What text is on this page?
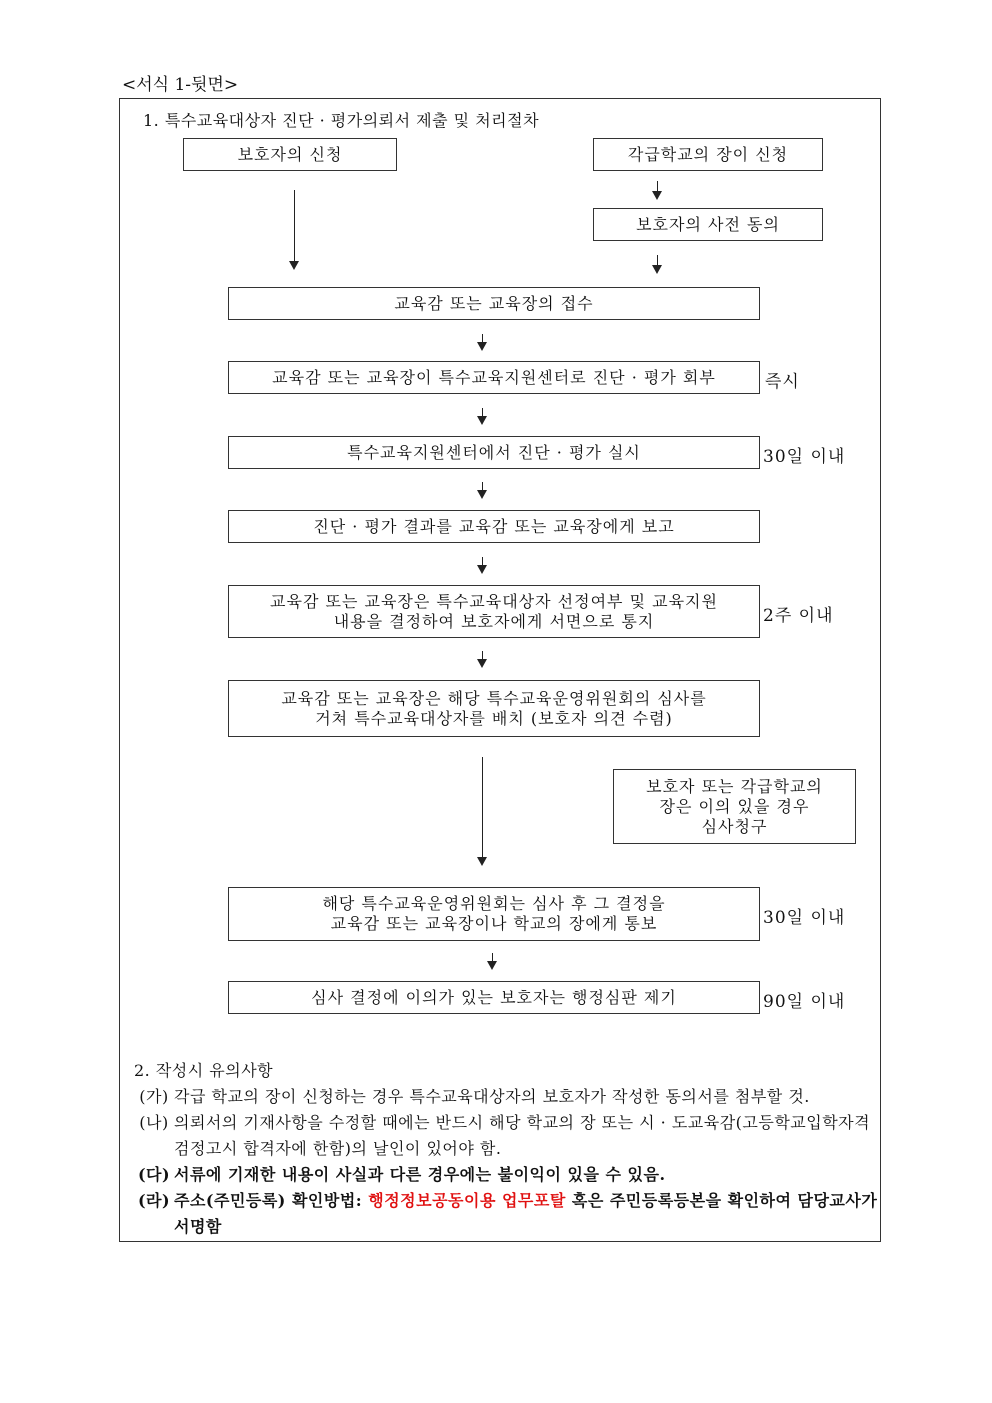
<서식 1-뒷면>
1. 특수교육대상자 진단 · 평가의뢰서 제출 및 처리절차
보호자의 신청	각급학교의 장이 신청
보호자의 사전 동의
교육감 또는 교육장의 접수
교육감 또는 교육장이 특수교육지원센터로 진단 · 평가 회부
특수교육지원센터에서 진단 · 평가 실시
진단 · 평가 결과를 교육감 또는 교육장에게 보고
교육감 또는 교육장은 특수교육대상자 선정여부 및 교육지원
내용을 결정하여 보호자에게 서면으로 통지
교육감 또는 교육장은 해당 특수교육운영위원회의 심사를
거쳐 특수교육대상자를 배치 (보호자 의견 수렴)
보호자 또는 각급학교의
장은 이의 있을 경우
심사청구
해당 특수교육운영위원회는 심사 후 그 결정을
교육감 또는 교육장이나 학교의 장에게 통보
심사 결정에 이의가 있는 보호자는 행정심판 제기
즉시
30일 이내
2주 이내
30일 이내
90일 이내
2. 작성시 유의사항
(가) 각급 학교의 장이 신청하는 경우 특수교육대상자의 보호자가 작성한 동의서를 첨부할 것.
(나) 의뢰서의 기재사항을 수정할 때에는 반드시 해당 학교의 장 또는 시 · 도교육감(고등학교입학자격검정고시 합격자에 한함)의 날인이 있어야 함.
(다) 서류에 기재한 내용이 사실과 다른 경우에는 불이익이 있을 수 있음.
(라) 주소(주민등록) 확인방법: 행정정보공동이용 업무포탈 혹은 주민등록등본을 확인하여 담당교사가 서명함
